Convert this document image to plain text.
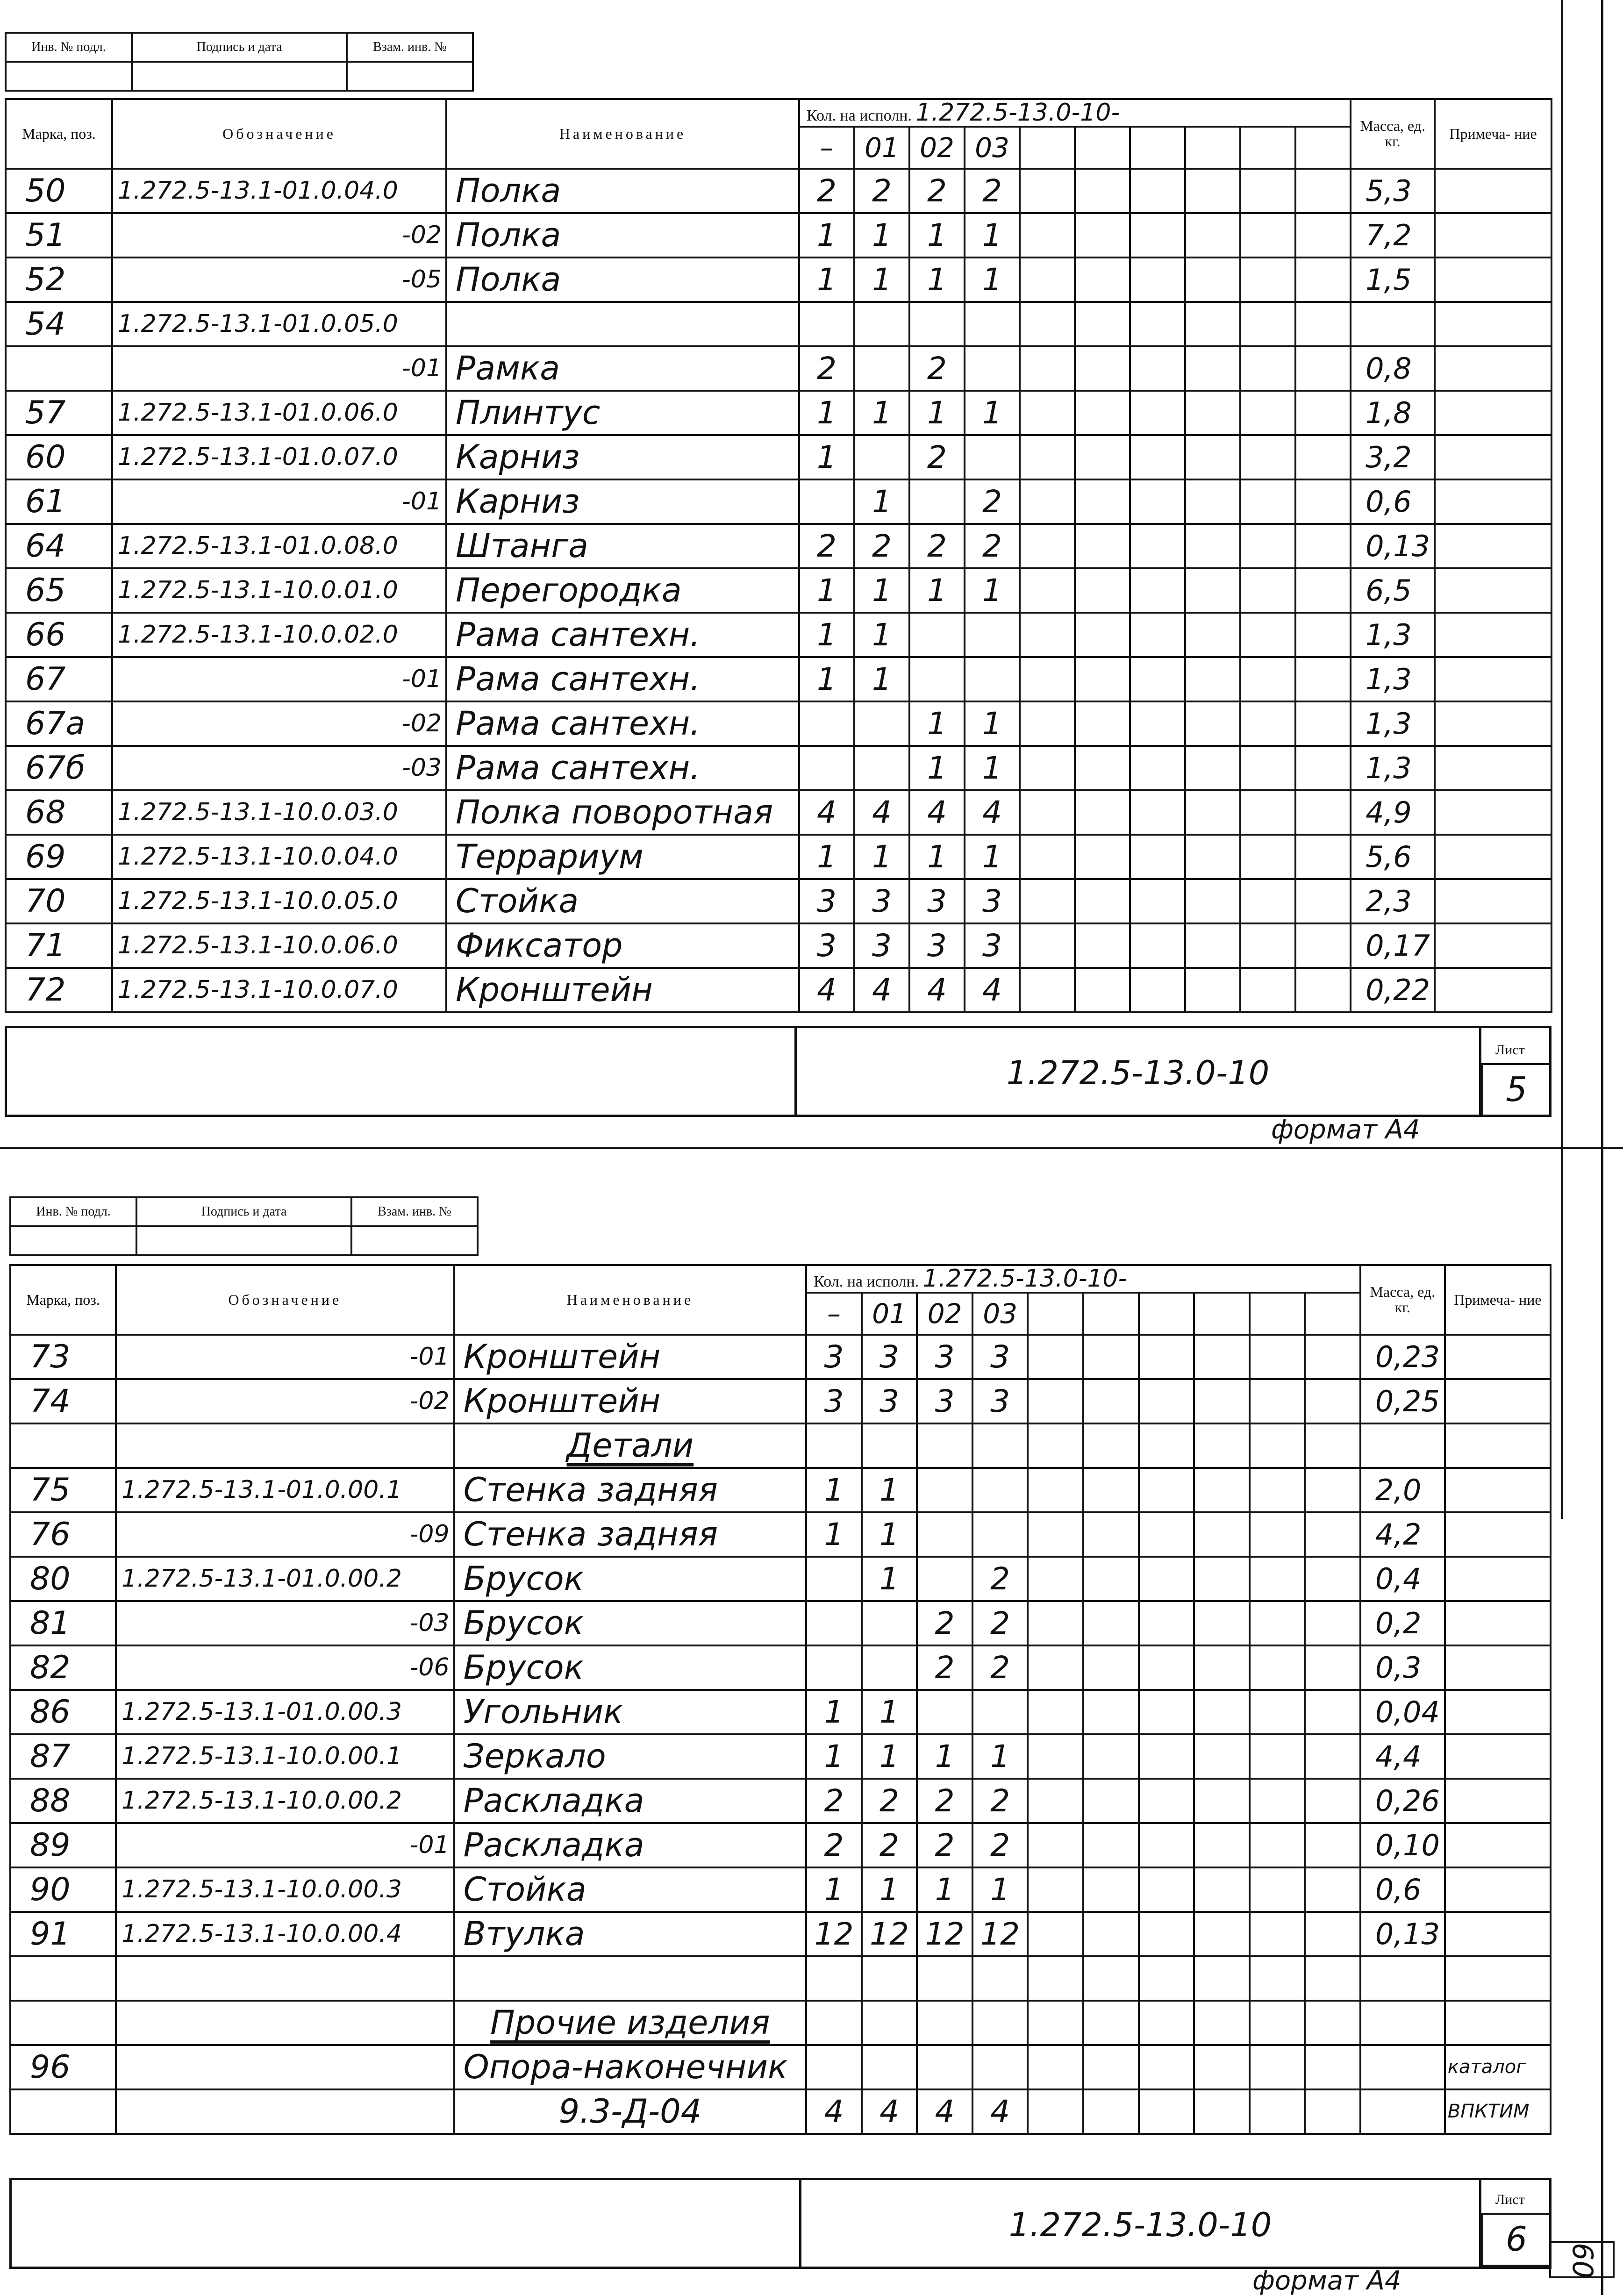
Инв. № подл.	Подпись и дата	Взам. инв. №

Марка, поз.	Обозначение	Наименование	Кол. на исполн. 1.272.5-13.0-10-										Масса, ед. кг.	Примеча- ние
			–	01	02	03								
50	1.272.5-13.1-01.0.04.0	Полка	2	2	2	2							5,3	
51	-02	Полка	1	1	1	1							7,2	
52	-05	Полка	1	1	1	1							1,5	
54	1.272.5-13.1-01.0.05.0													
	-01	Рамка	2		2								0,8	
57	1.272.5-13.1-01.0.06.0	Плинтус	1	1	1	1							1,8	
60	1.272.5-13.1-01.0.07.0	Карниз	1		2								3,2	
61	-01	Карниз		1		2							0,6	
64	1.272.5-13.1-01.0.08.0	Штанга	2	2	2	2							0,13	
65	1.272.5-13.1-10.0.01.0	Перегородка	1	1	1	1							6,5	
66	1.272.5-13.1-10.0.02.0	Рама сантехн.	1	1									1,3	
67	-01	Рама сантехн.	1	1									1,3	
67а	-02	Рама сантехн.			1	1							1,3	
67б	-03	Рама сантехн.			1	1							1,3	
68	1.272.5-13.1-10.0.03.0	Полка поворотная	4	4	4	4							4,9	
69	1.272.5-13.1-10.0.04.0	Террариум	1	1	1	1							5,6	
70	1.272.5-13.1-10.0.05.0	Стойка	3	3	3	3							2,3	
71	1.272.5-13.1-10.0.06.0	Фиксатор	3	3	3	3							0,17	
72	1.272.5-13.1-10.0.07.0	Кронштейн	4	4	4	4							0,22	
1.272.5-13.0-10
Лист
5
формат А4
Инв. № подл.	Подпись и дата	Взам. инв. №

Марка, поз.	Обозначение	Наименование	Кол. на исполн. 1.272.5-13.0-10-										Масса, ед. кг.	Примеча- ние
			–	01	02	03								
73	-01	Кронштейн	3	3	3	3							0,23	
74	-02	Кронштейн	3	3	3	3							0,25	
		Детали												
75	1.272.5-13.1-01.0.00.1	Стенка задняя	1	1									2,0	
76	-09	Стенка задняя	1	1									4,2	
80	1.272.5-13.1-01.0.00.2	Брусок		1		2							0,4	
81	-03	Брусок			2	2							0,2	
82	-06	Брусок			2	2							0,3	
86	1.272.5-13.1-01.0.00.3	Угольник	1	1									0,04	
87	1.272.5-13.1-10.0.00.1	Зеркало	1	1	1	1							4,4	
88	1.272.5-13.1-10.0.00.2	Раскладка	2	2	2	2							0,26	
89	-01	Раскладка	2	2	2	2							0,10	
90	1.272.5-13.1-10.0.00.3	Стойка	1	1	1	1							0,6	
91	1.272.5-13.1-10.0.00.4	Втулка	12	12	12	12							0,13	

		Прочие изделия												
96		Опора-наконечник												каталог
		9.3-Д-04	4	4	4	4								ВПКТИМ
1.272.5-13.0-10
Лист
6
формат А4
60
